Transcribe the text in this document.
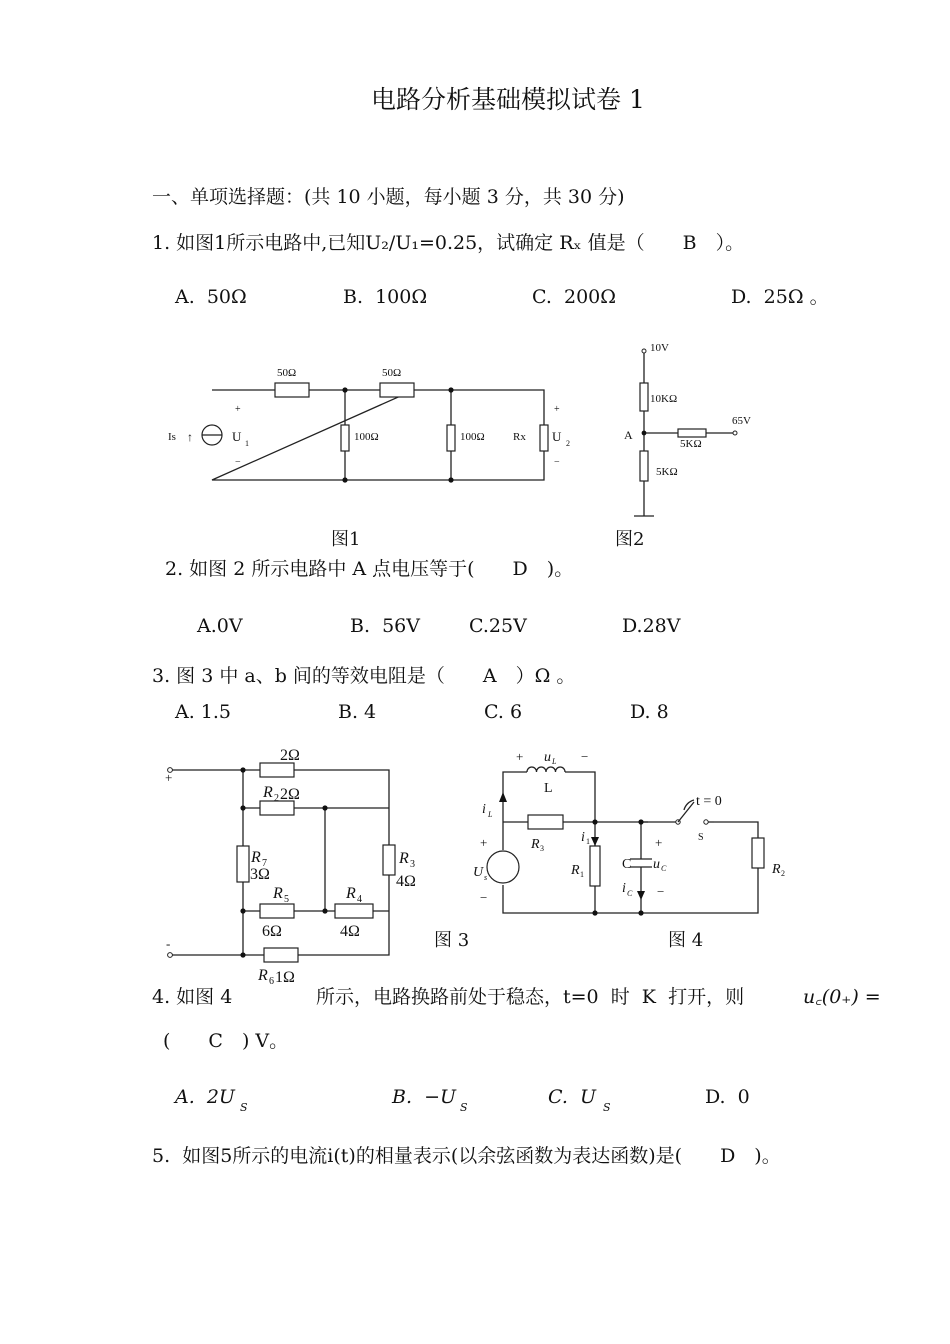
电路分析基础模拟试卷 1
一、单项选择题：(共 10 小题，每小题 3 分，共 30 分)
1. 如图1所示电路中,已知U₂/U₁=0.25，试确定 Rₓ 值是（　　B　）。
A.  50Ω	B.  100Ω	C.  200Ω	D.  25Ω 。
50Ω	50Ω
100Ω	100Ω
Is ↑
+
U 1
−
Rx
+
U 2
−
10V
10KΩ
A
5KΩ
65V
5KΩ
图1	图2
2. 如图 2 所示电路中 A 点电压等于(　　D　)。
A.0V	B.  56V	C.25V	D.28V
3. 图 3 中 a、b 间的等效电阻是（　　A　）Ω 。
A. 1.5	B. 4	C. 6	D. 8
+
-
2Ω
R 2 2Ω
R 7
3Ω
R 5
6Ω
R 4
4Ω
R 3
4Ω
R 6 1Ω
图 3
+ u L −
L
i L
+
U s
−
R 3
i 1
R 1
C
+
u C
−
i C
t = 0
S
R 2
图 4
4. 如图 4	所示，电路换路前处于稳态，t=0  时  K  打开，则	u꜀(0₊) =
(　　C　) V。
A.  2U S	B.  −U S	C.  U S	D.  0
5.  如图5所示的电流i(t)的相量表示(以余弦函数为表达函数)是(　　D　)。
